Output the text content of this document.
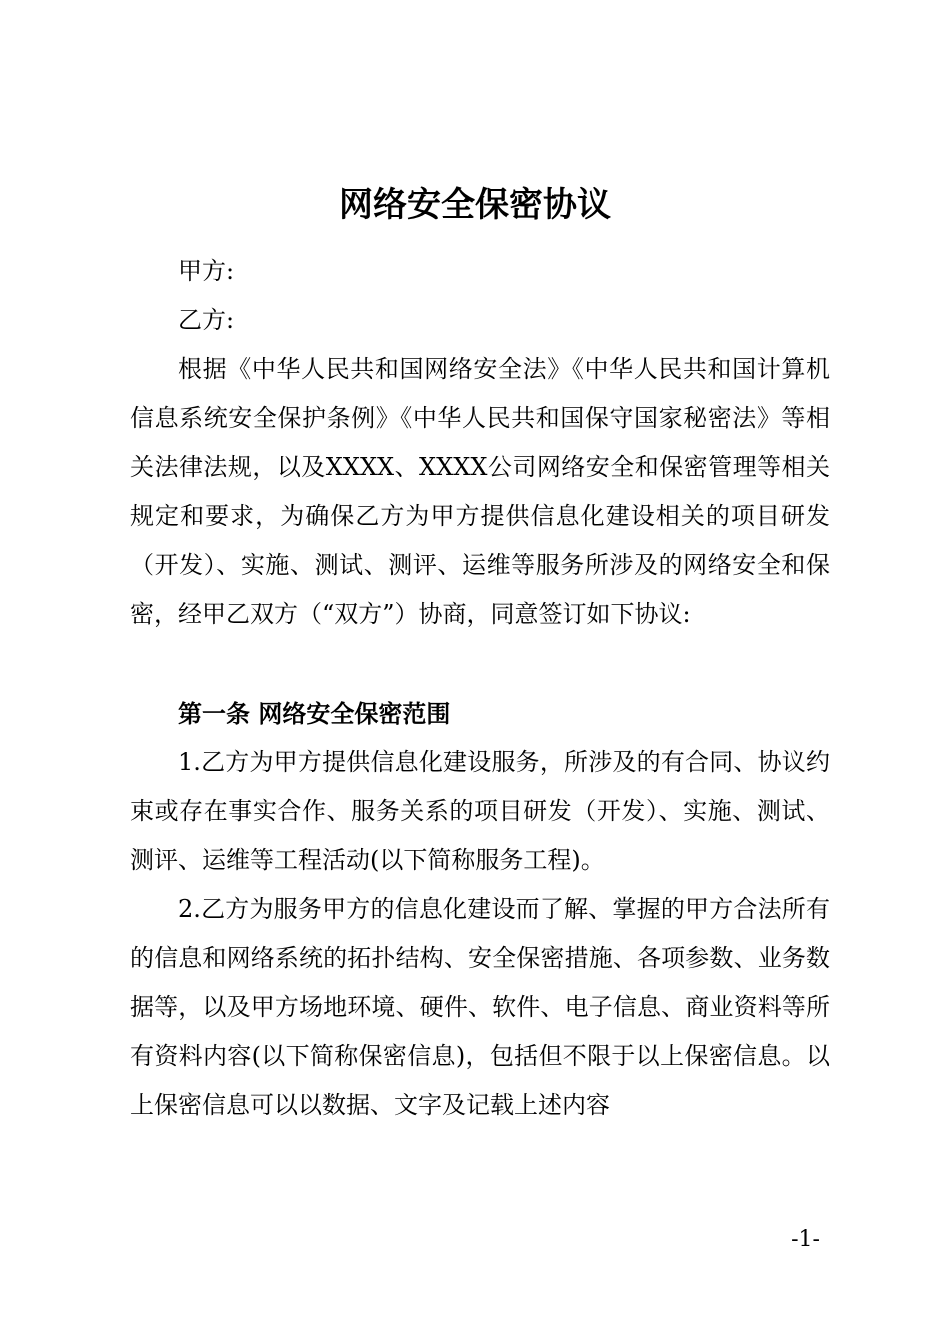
网络安全保密协议

甲方:

乙方:

根据《中华人民共和国网络安全法》《中华人民共和国计算机信息系统安全保护条例》《中华人民共和国保守国家秘密法》等相关法律法规，以及XXXX、XXXX公司网络安全和保密管理等相关规定和要求，为确保乙方为甲方提供信息化建设相关的项目研发（开发）、实施、测试、测评、运维等服务所涉及的网络安全和保密，经甲乙双方（“双方”）协商，同意签订如下协议:

第一条 网络安全保密范围

1.乙方为甲方提供信息化建设服务，所涉及的有合同、协议约束或存在事实合作、服务关系的项目研发（开发）、实施、测试、测评、运维等工程活动(以下简称服务工程)。

2.乙方为服务甲方的信息化建设而了解、掌握的甲方合法所有的信息和网络系统的拓扑结构、安全保密措施、各项参数、业务数据等，以及甲方场地环境、硬件、软件、电子信息、商业资料等所有资料内容(以下简称保密信息)，包括但不限于以上保密信息。以上保密信息可以以数据、文字及记载上述内容

-1-
